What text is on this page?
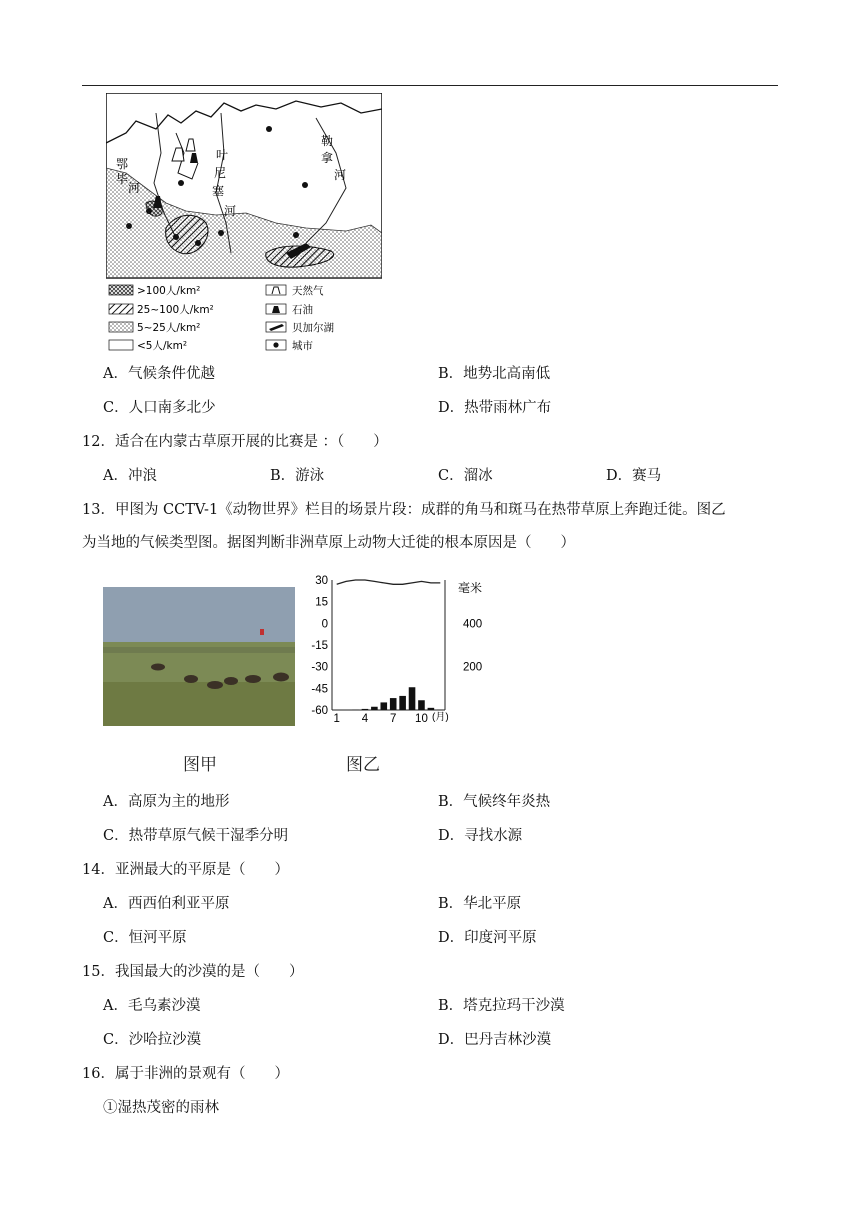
鄂
毕
河
叶
尼
塞
河
勒
拿
河
>100人/km²
25~100人/km²
5~25人/km²
<5人/km²
天然气
石油
贝加尔湖
城市
A．气候条件优越	B．地势北高南低
C．人口南多北少	D．热带雨林广布
12．适合在内蒙古草原开展的比赛是 ：（　　）
A．冲浪	B．游泳	C．溜冰	D．赛马
13．甲图为 CCTV-1《动物世界》栏目的场景片段：成群的角马和斑马在热带草原上奔跑迁徙。图乙
为当地的气候类型图。据图判断非洲草原上动物大迁徙的根本原因是（　　）
30
15
0
-15
-30
-45
-60
400
200
1 4 7 10 (月)
毫米
图甲	图乙
A．高原为主的地形	B．气候终年炎热
C．热带草原气候干湿季分明	D．寻找水源
14．亚洲最大的平原是（　　）
A．西西伯利亚平原	B．华北平原
C．恒河平原	D．印度河平原
15．我国最大的沙漠的是（　　）
A．毛乌素沙漠	B．塔克拉玛干沙漠
C．沙哈拉沙漠	D．巴丹吉林沙漠
16．属于非洲的景观有（　　）
①湿热茂密的雨林
